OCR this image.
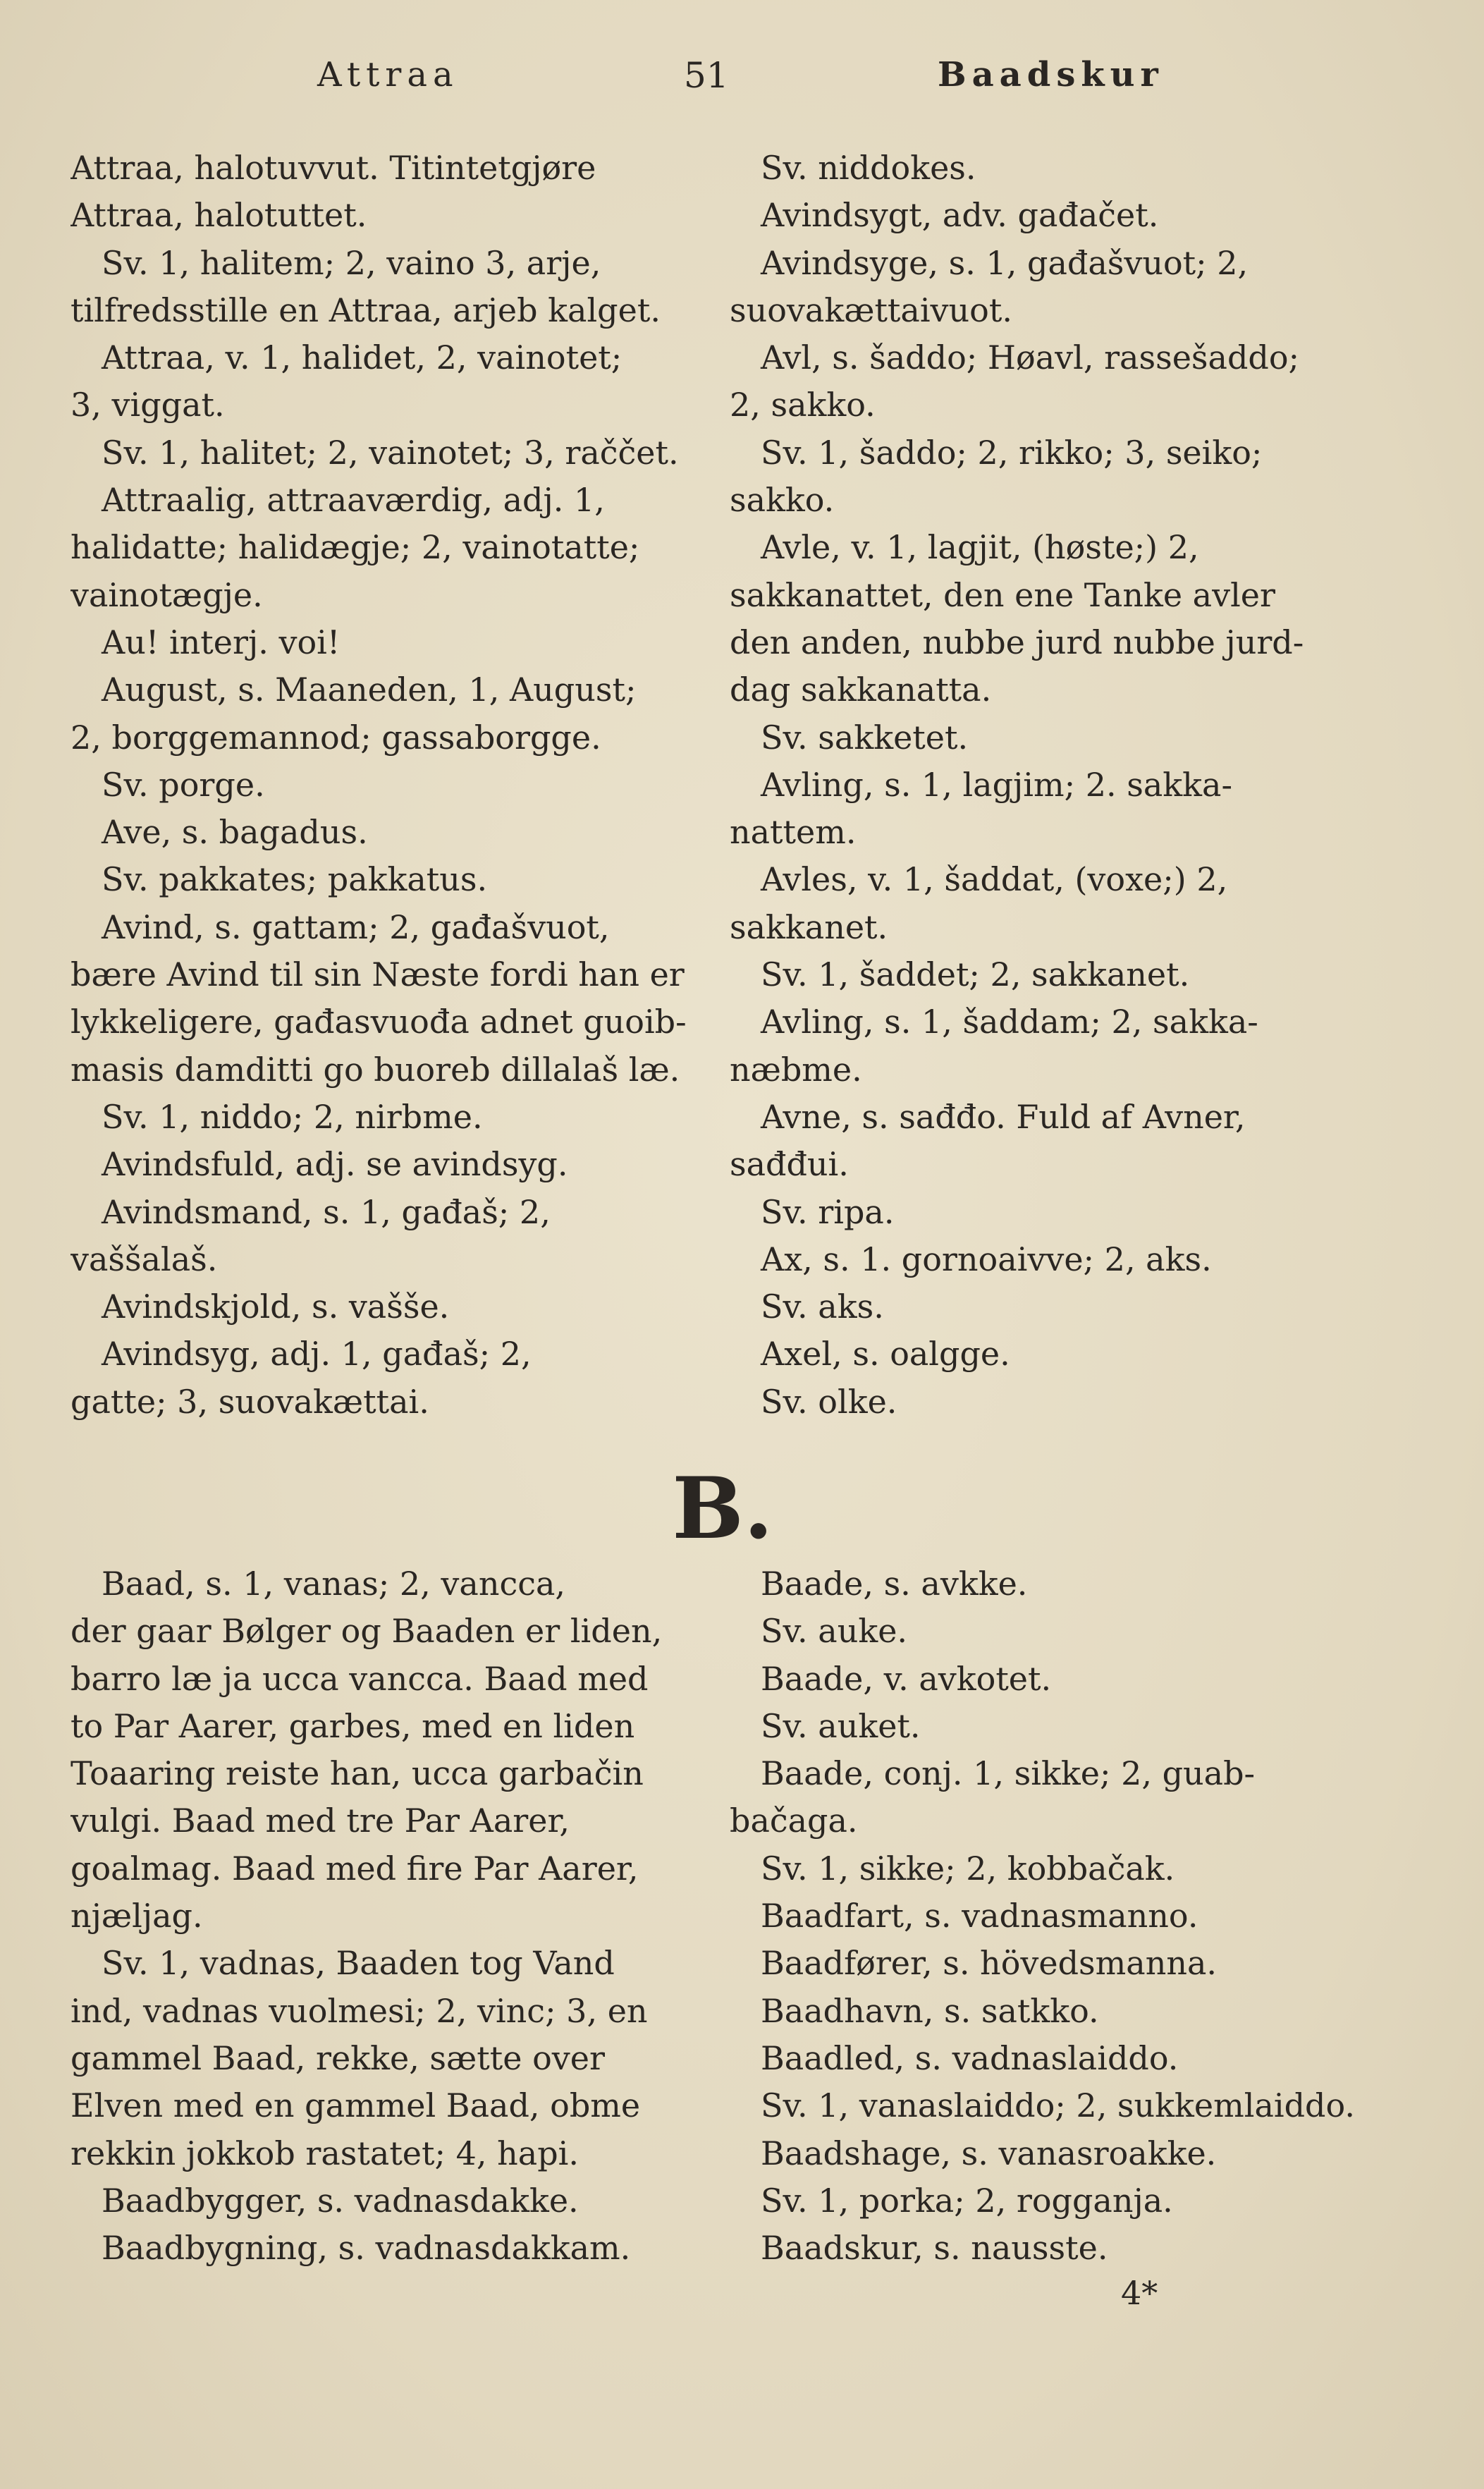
Attraa	51	Baadskur
Attraa, halotuvvut. Titintetgjøre
Attraa, halotuttet.
Sv. 1, halitem; 2, vaino 3, arje,
tilfredsstille en Attraa, arjeb kalget.
Attraa, v. 1, halidet, 2, vainotet;
3, viggat.
Sv. 1, halitet; 2, vainotet; 3, raččet.
Attraalig, attraaværdig, adj. 1,
halidatte; halidægje; 2, vainotatte;
vainotægje.
Au! interj. voi!
August, s. Maaneden, 1, August;
2, borggemannod; gassaborgge.
Sv. porge.
Ave, s. bagadus.
Sv. pakkates; pakkatus.
Avind, s. gattam; 2, gađašvuot,
bære Avind til sin Næste fordi han er
lykkeligere, gađasvuođa adnet guoib-
masis damditti go buoreb dillalaš læ.
Sv. 1, niddo; 2, nirbme.
Avindsfuld, adj. se avindsyg.
Avindsmand, s. 1, gađaš; 2,
vaššalaš.
Avindskjold, s. vašše.
Avindsyg, adj. 1, gađaš; 2,
gatte; 3, suovakættai.
Sv. niddokes.
Avindsygt, adv. gađačet.
Avindsyge, s. 1, gađašvuot; 2,
suovakættaivuot.
Avl, s. šaddo; Høavl, rassešaddo;
2, sakko.
Sv. 1, šaddo; 2, rikko; 3, seiko;
sakko.
Avle, v. 1, lagjit, (høste;) 2,
sakkanattet, den ene Tanke avler
den anden, nubbe jurd nubbe jurd-
dag sakkanatta.
Sv. sakketet.
Avling, s. 1, lagjim; 2. sakka-
nattem.
Avles, v. 1, šaddat, (voxe;) 2,
sakkanet.
Sv. 1, šaddet; 2, sakkanet.
Avling, s. 1, šaddam; 2, sakka-
næbme.
Avne, s. sađđo. Fuld af Avner,
sađđui.
Sv. ripa.
Ax, s. 1. gornoaivve; 2, aks.
Sv. aks.
Axel, s. oalgge.
Sv. olke.
B.
Baad, s. 1, vanas; 2, vancca,
der gaar Bølger og Baaden er liden,
barro læ ja ucca vancca. Baad med
to Par Aarer, garbes, med en liden
Toaaring reiste han, ucca garbačin
vulgi. Baad med tre Par Aarer,
goalmag. Baad med fire Par Aarer,
njæljag.
Sv. 1, vadnas, Baaden tog Vand
ind, vadnas vuolmesi; 2, vinc; 3, en
gammel Baad, rekke, sætte over
Elven med en gammel Baad, obme
rekkin jokkob rastatet; 4, hapi.
Baadbygger, s. vadnasdakke.
Baadbygning, s. vadnasdakkam.
Baade, s. avkke.
Sv. auke.
Baade, v. avkotet.
Sv. auket.
Baade, conj. 1, sikke; 2, guab-
bačaga.
Sv. 1, sikke; 2, kobbačak.
Baadfart, s. vadnasmanno.
Baadfører, s. hövedsmanna.
Baadhavn, s. satkko.
Baadled, s. vadnaslaiddo.
Sv. 1, vanaslaiddo; 2, sukkemlaiddo.
Baadshage, s. vanasroakke.
Sv. 1, porka; 2, rogganja.
Baadskur, s. nausste.
4*
